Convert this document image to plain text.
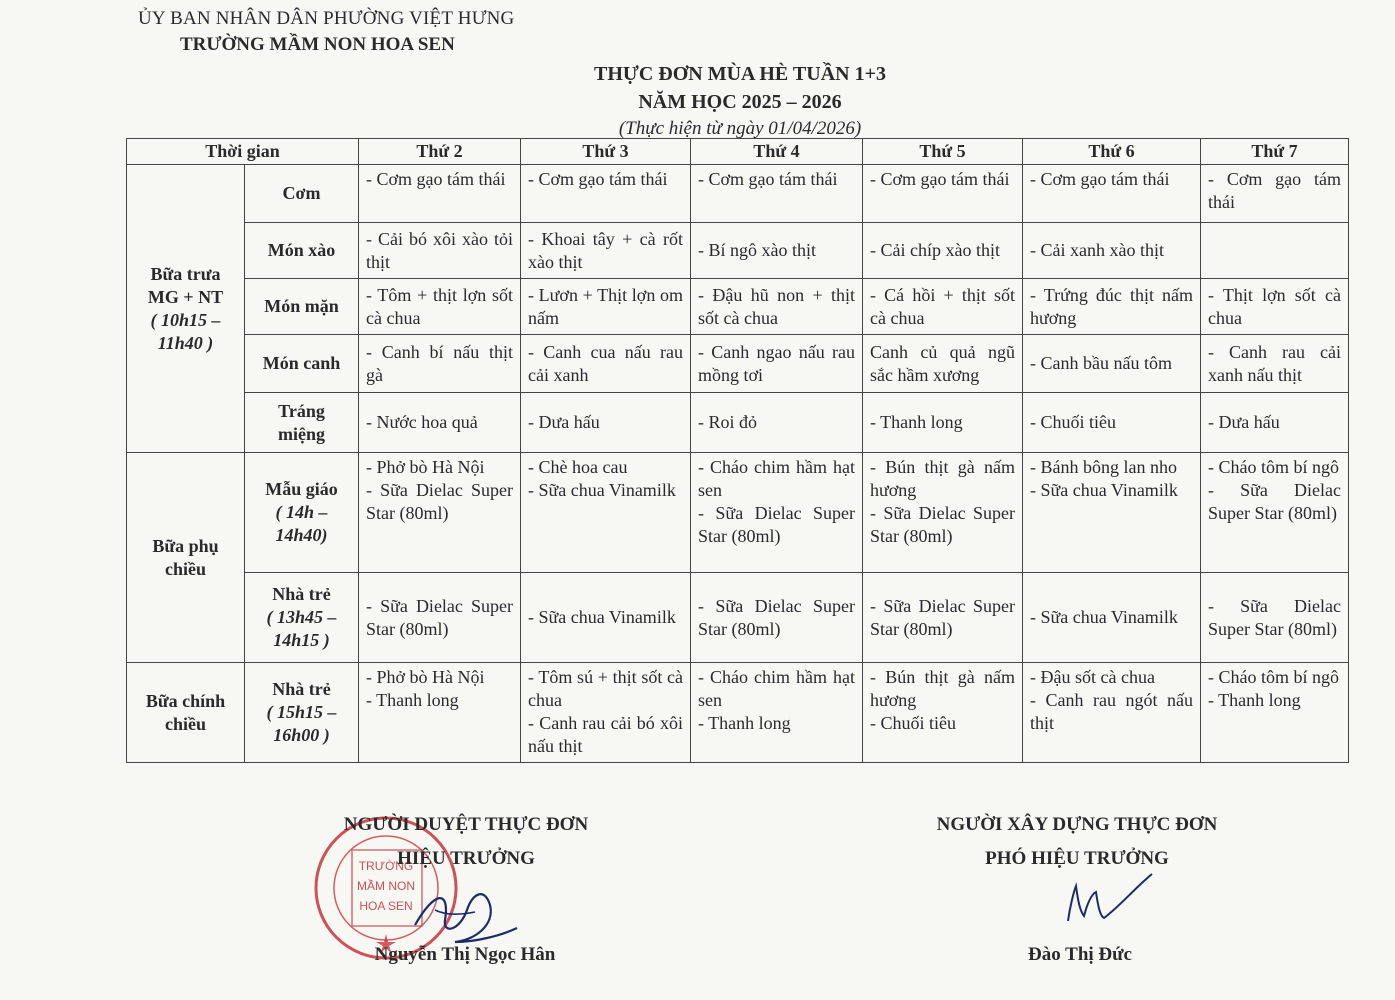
ỦY BAN NHÂN DÂN PHƯỜNG VIỆT HƯNG
TRƯỜNG MẦM NON HOA SEN
THỰC ĐƠN MÙA HÈ TUẦN 1+3
NĂM HỌC 2025 – 2026
(Thực hiện từ ngày 01/04/2026)
Thời gian		Thứ 2	Thứ 3	Thứ 4	Thứ 5	Thứ 6	Thứ 7

Bữa trưa
MG + NT
( 10h15 –
11h40 )	Cơm	- Cơm gạo tám thái	- Cơm gạo tám thái	- Cơm gạo tám thái	- Cơm gạo tám thái	- Cơm gạo tám thái	- Cơm gạo tám thái

	Món xào	- Cải bó xôi xào tỏi thịt	- Khoai tây + cà rốt xào thịt	- Bí ngô xào thịt	- Cải chíp xào thịt	- Cải xanh xào thịt	

	Món mặn	- Tôm + thịt lợn sốt cà chua	- Lươn + Thịt lợn om nấm	- Đậu hũ non + thịt sốt cà chua	- Cá hồi + thịt sốt cà chua	- Trứng đúc thịt nấm hương	- Thịt lợn sốt cà chua

	Món canh	- Canh bí nấu thịt gà	- Canh cua nấu rau cải xanh	- Canh ngao nấu rau mồng tơi	Canh củ quả ngũ sắc hầm xương	- Canh bầu nấu tôm	- Canh rau cải xanh nấu thịt

	Tráng
miệng	- Nước hoa quả	- Dưa hấu	- Roi đỏ	- Thanh long	- Chuối tiêu	- Dưa hấu

Bữa phụ
chiều	Mẫu giáo
( 14h –
14h40)	- Phở bò Hà Nội
- Sữa Dielac Super Star (80ml)	- Chè hoa cau
- Sữa chua Vinamilk	- Cháo chim hầm hạt sen
- Sữa Dielac Super Star (80ml)	- Bún thịt gà nấm hương
- Sữa Dielac Super Star (80ml)	- Bánh bông lan nho
- Sữa chua Vinamilk	- Cháo tôm bí ngô
- Sữa Dielac Super Star (80ml)

	Nhà trẻ
( 13h45 –
14h15 )	- Sữa Dielac Super Star (80ml)	- Sữa chua Vinamilk	- Sữa Dielac Super Star (80ml)	- Sữa Dielac Super Star (80ml)	- Sữa chua Vinamilk	- Sữa Dielac Super Star (80ml)

Bữa chính
chiều	Nhà trẻ
( 15h15 –
16h00 )	- Phở bò Hà Nội
- Thanh long	- Tôm sú + thịt sốt cà chua
- Canh rau cải bó xôi nấu thịt	- Cháo chim hầm hạt sen
- Thanh long	- Bún thịt gà nấm hương
- Chuối tiêu	- Đậu sốt cà chua
- Canh rau ngót nấu thịt	- Cháo tôm bí ngô
- Thanh long
TRƯỜNG
MẦM NON
HOA SEN
NGƯỜI DUYỆT THỰC ĐƠN
HIỆU TRƯỞNG
NGƯỜI XÂY DỰNG THỰC ĐƠN
PHÓ HIỆU TRƯỞNG
Nguyễn Thị Ngọc Hân	Đào Thị Đức
